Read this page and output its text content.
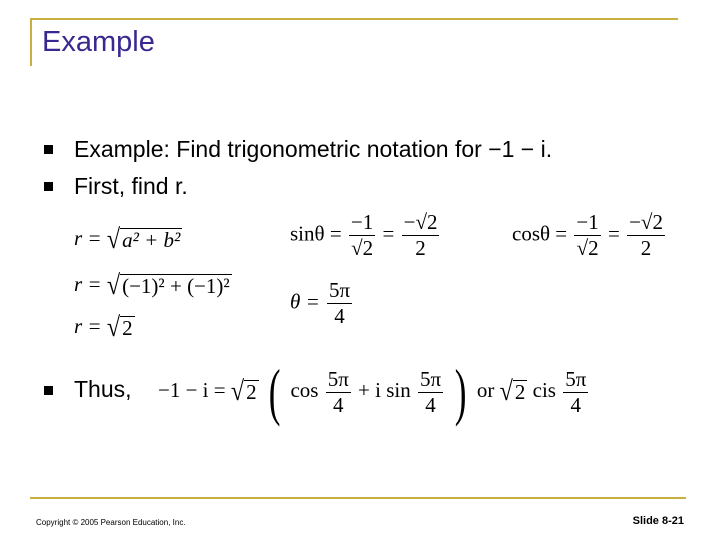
Example
Example: Find trigonometric notation for −1 − i.
First, find r.
r = √ a² + b²
r = √ (−1)² + (−1)²
r = √ 2
$\sin\theta = \frac{-1}{√2} = \frac{-√2}{2}$	$\cos\theta = \frac{-1}{√2} = \frac{-√2}{2}$
$\theta = \frac{5\pi}{4}$
Thus, −1 − i = √ 2 ( $\cos \frac{5\pi}{4} + i$ $\sin \frac{5\pi}{4}$ ) or √ 2 cis $\frac{5\pi}{4}$
Copyright © 2005 Pearson Education, Inc.	Slide 8-21
